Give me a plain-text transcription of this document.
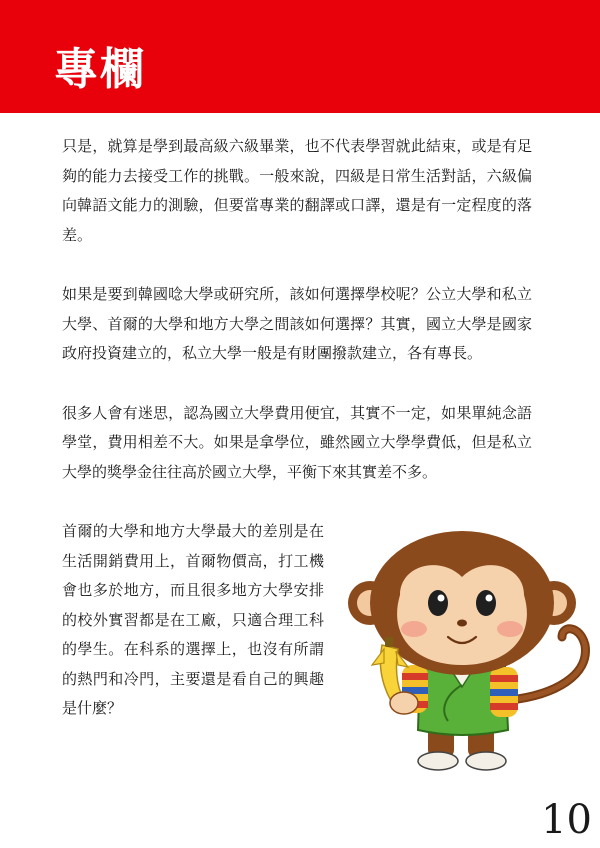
專欄

只是，就算是學到最高級六級畢業，也不代表學習就此結束，或是有足夠的能力去接受工作的挑戰。一般來說，四級是日常生活對話，六級偏向韓語文能力的測驗，但要當專業的翻譯或口譯，還是有一定程度的落差。

如果是要到韓國唸大學或研究所，該如何選擇學校呢？公立大學和私立大學、首爾的大學和地方大學之間該如何選擇？其實，國立大學是國家政府投資建立的，私立大學一般是有財團撥款建立，各有專長。

很多人會有迷思，認為國立大學費用便宜，其實不一定，如果單純念語學堂，費用相差不大。如果是拿學位，雖然國立大學學費低，但是私立大學的獎學金往往高於國立大學，平衡下來其實差不多。

首爾的大學和地方大學最大的差別是在生活開銷費用上，首爾物價高，打工機會也多於地方，而且很多地方大學安排的校外實習都是在工廠，只適合理工科的學生。在科系的選擇上，也沒有所謂的熱門和冷門，主要還是看自己的興趣是什麼？

10
